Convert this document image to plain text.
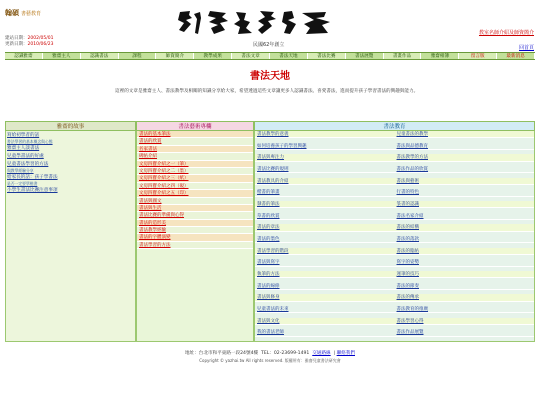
翰碩 書藝教育
建站日期：2002/05/01
更新日期：2010/06/23	民國62年創立
教室名師介紹及師資簡介
回首頁
認識雅齋	雅齋主人	認識書法	課程	師資簡介	教學成果	書法文章	書法天地	書法比賽	書法展覽	書畫作品	雅齋相簿	留言版	最新消息
書法天地
這裡的文章是雅齋主人、書法教學及相關的知識分享給大家，希望透過這些文章讓更多人認識書法、喜愛書法，進而提升孩子學習書法的興趣與能力。
雅齋的故事	書法藝術專欄	書法教育
寫給初學者的話
書法學習的基本概念與心態
雅齋主人談書法
兒童學書法的好處
兒童書法學習的方法
與教學經驗分享
給家長的話：孩子學書法
是否一定要學楷書
小學生書法比賽注意事項
書法的基本筆法
書法的欣賞
名家書法
碑帖介紹
文房四寶介紹之一（筆）
文房四寶介紹之二（墨）
文房四寶介紹之三（紙）
文房四寶介紹之四（硯）
文房四寶介紹之五（印）
書法與國文
書法與生活
書法比賽的準備與心得
書法的造形美
書法教學經驗
書法的字體演變
書法學習的方法
書法教學的意義	兒童書法的教學
如何培養孩子的學習興趣	書法與品德教育
書法與專注力	書法教學的方法
書法比賽的規則	書法作品的欣賞
書法教具的介紹	書法與藝術
楷書的筆畫	行書的特色
隸書的筆法	篆書的認識
草書的欣賞	書法名家介紹
書法的章法	書法的結構
書法的墨色	書法的落款
書法學習的階段	書法的臨帖
書法與寫字	寫字的姿勢
執筆的方法	運筆的技巧
書法的線條	書法的節奏
書法與修身	書法的傳承
兒童書法的未來	書法教育的推廣
書法與文化	書法學習心得
我的書法老師	書法作品展覽
地址：台北市和平東路一段24號4樓 TEL：02-23699-1491 交通路線  | 聯絡我們
Copyright © yazhai.tw All rights reserved. 版權所有：雅齋兒童書法研究會
